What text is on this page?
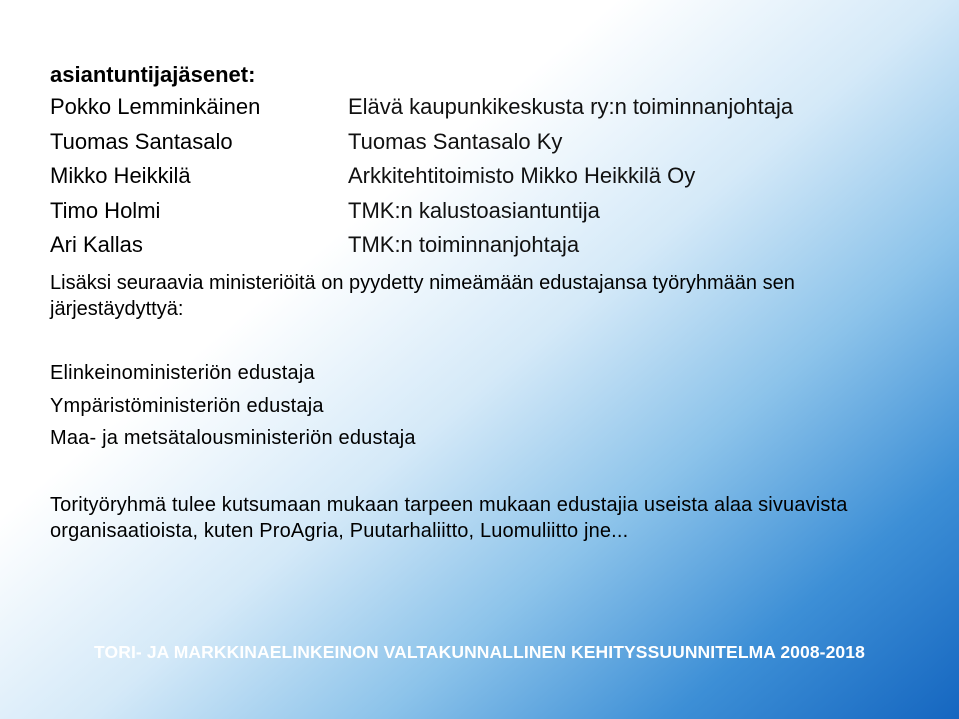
asiantuntijajäsenet:

Pokko Lemminkäinen	Elävä kaupunkikeskusta ry:n toiminnanjohtaja
Tuomas Santasalo	Tuomas Santasalo Ky
Mikko Heikkilä	Arkkitehtitoimisto Mikko Heikkilä Oy
Timo Holmi	TMK:n kalustoasiantuntija
Ari Kallas	TMK:n toiminnanjohtaja

Lisäksi seuraavia ministeriöitä on pyydetty nimeämään edustajansa työryhmään sen järjestäydyttyä:

Elinkeinoministeriön edustaja
Ympäristöministeriön edustaja
Maa- ja metsätalousministeriön edustaja

Torityöryhmä tulee kutsumaan mukaan tarpeen mukaan edustajia useista alaa sivuavista organisaatioista, kuten ProAgria, Puutarhaliitto, Luomuliitto jne...

TORI- JA MARKKINAELINKEINON VALTAKUNNALLINEN KEHITYSSUUNNITELMA 2008-2018
